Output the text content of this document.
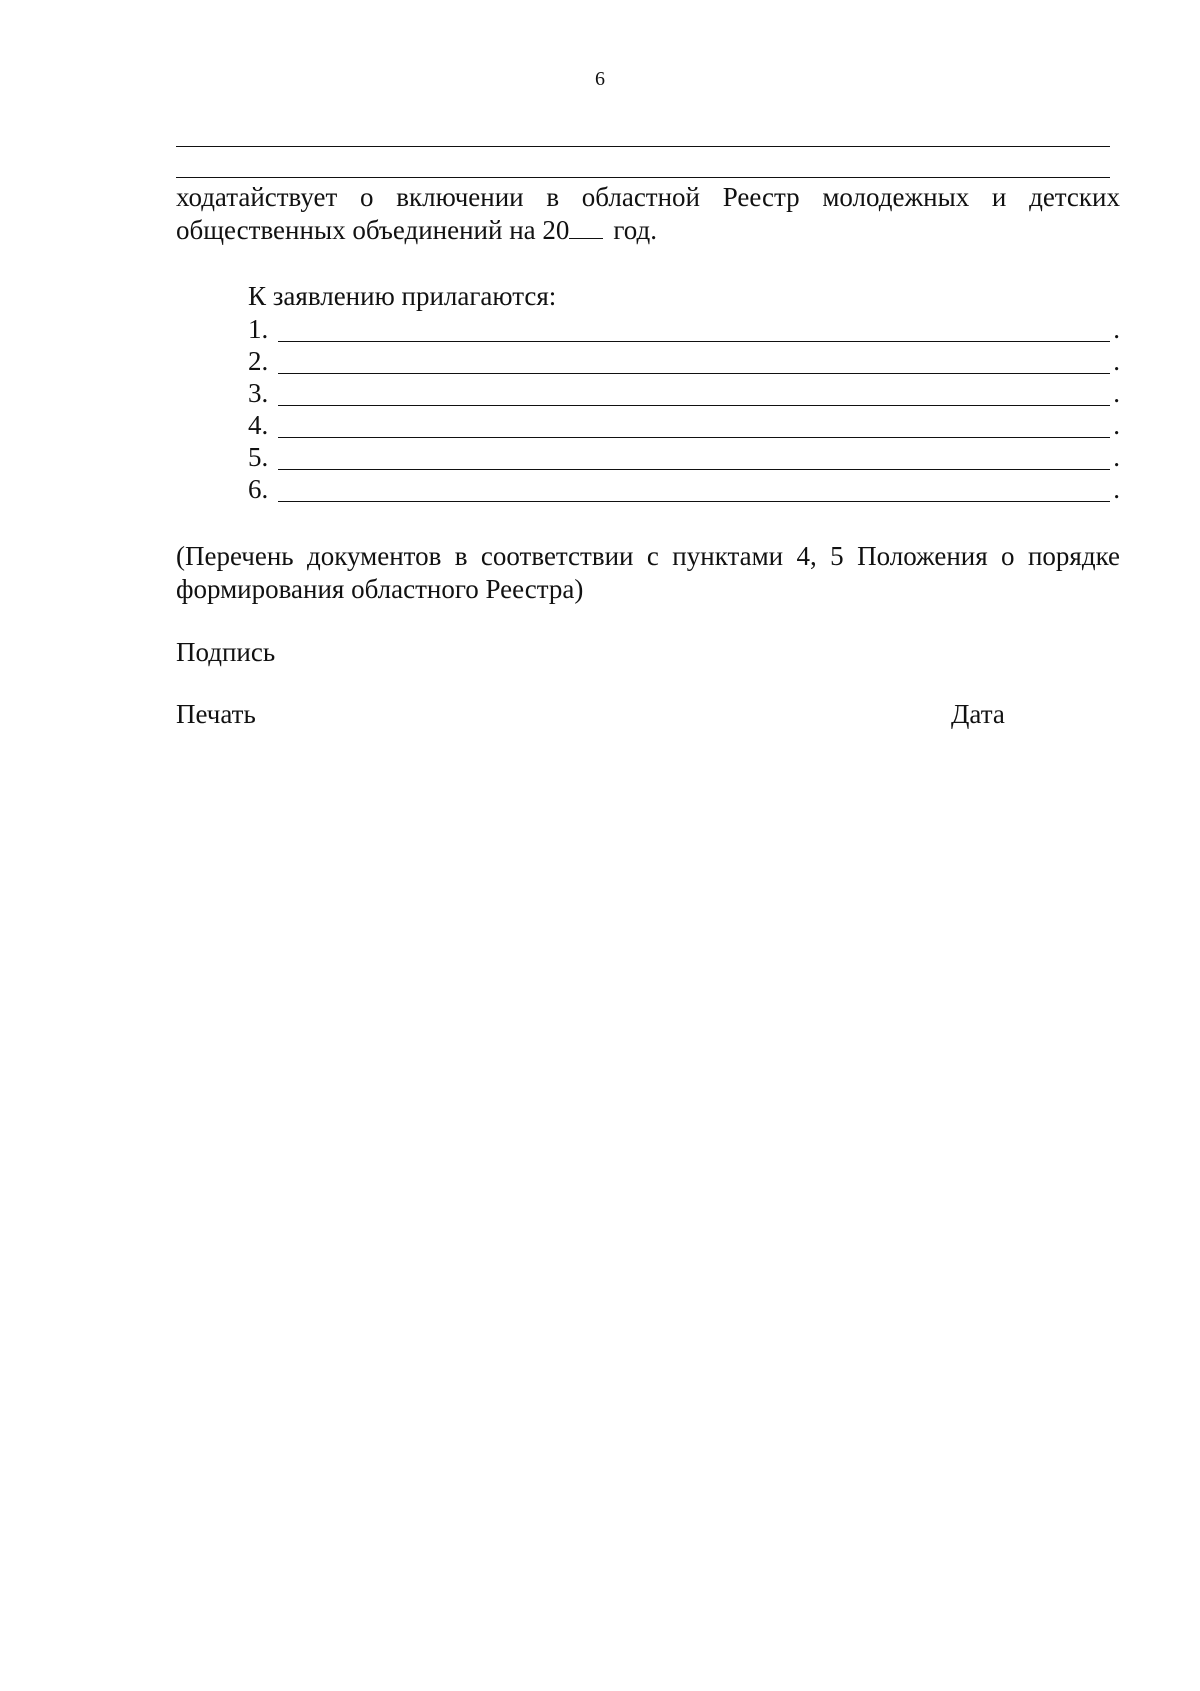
6
ходатайствует о включении в областной Реестр молодежных и детских
общественных объединений на 20 год.
К заявлению прилагаются:
1.	.
2.	.
3.	.
4.	.
5.	.
6.	.
(Перечень документов в соответствии с пунктами 4, 5 Положения о порядке
формирования областного Реестра)
Подпись
Печать	Дата
